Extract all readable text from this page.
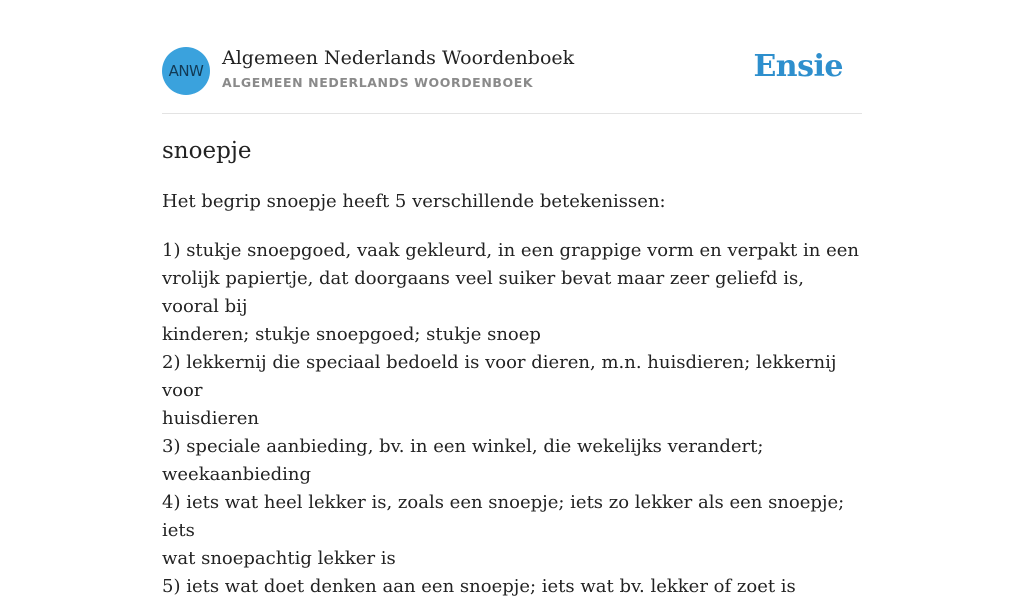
ANW
Algemeen Nederlands Woordenboek
ALGEMEEN NEDERLANDS WOORDENBOEK	Ensie
snoepje

Het begrip snoepje heeft 5 verschillende betekenissen:

1) stukje snoepgoed, vaak gekleurd, in een grappige vorm en verpakt in een
vrolijk papiertje, dat doorgaans veel suiker bevat maar zeer geliefd is, vooral bij
kinderen; stukje snoepgoed; stukje snoep
2) lekkernij die speciaal bedoeld is voor dieren, m.n. huisdieren; lekkernij voor
huisdieren
3) speciale aanbieding, bv. in een winkel, die wekelijks verandert;
weekaanbieding
4) iets wat heel lekker is, zoals een snoepje; iets zo lekker als een snoepje; iets
wat snoepachtig lekker is
5) iets wat doet denken aan een snoepje; iets wat bv. lekker of zoet is
